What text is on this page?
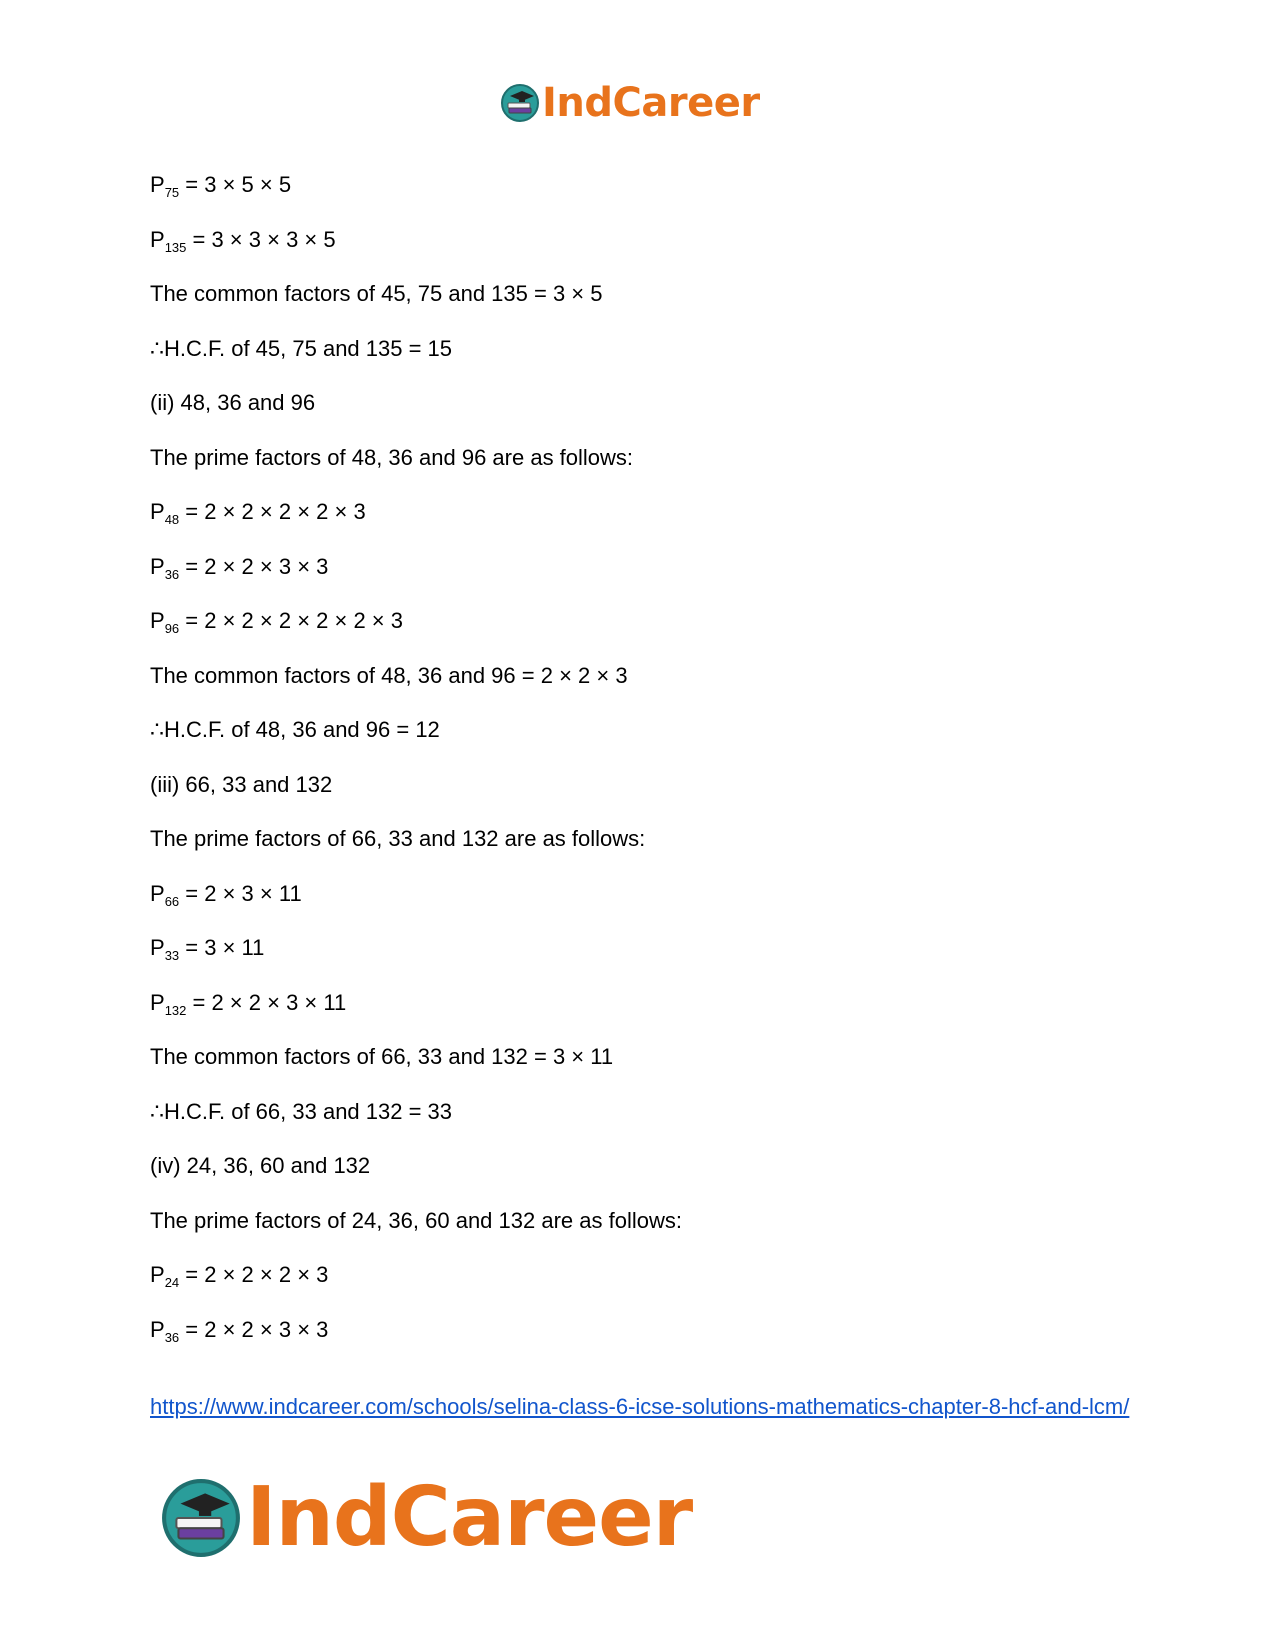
IndCareer
$P_{75} = 3 \times 5 \times 5$
$P_{135} = 3 \times 3 \times 3 \times 5$
The common factors of 45, 75 and 135 = 3 × 5
∴H.C.F. of 45, 75 and 135 = 15
(ii) 48, 36 and 96
The prime factors of 48, 36 and 96 are as follows:
$P_{48} = 2 \times 2 \times 2 \times 2 \times 3$
$P_{36} = 2 \times 2 \times 3 \times 3$
$P_{96} = 2 \times 2 \times 2 \times 2 \times 2 \times 3$
The common factors of 48, 36 and 96 = 2 × 2 × 3
∴H.C.F. of 48, 36 and 96 = 12
(iii) 66, 33 and 132
The prime factors of 66, 33 and 132 are as follows:
$P_{66} = 2 \times 3 \times 11$
$P_{33} = 3 \times 11$
$P_{132} = 2 \times 2 \times 3 \times 11$
The common factors of 66, 33 and 132 = 3 × 11
∴H.C.F. of 66, 33 and 132 = 33
(iv) 24, 36, 60 and 132
The prime factors of 24, 36, 60 and 132 are as follows:
$P_{24} = 2 \times 2 \times 2 \times 3$
$P_{36} = 2 \times 2 \times 3 \times 3$
https://www.indcareer.com/schools/selina-class-6-icse-solutions-mathematics-chapter-8-hcf-and-lcm/
IndCareer
